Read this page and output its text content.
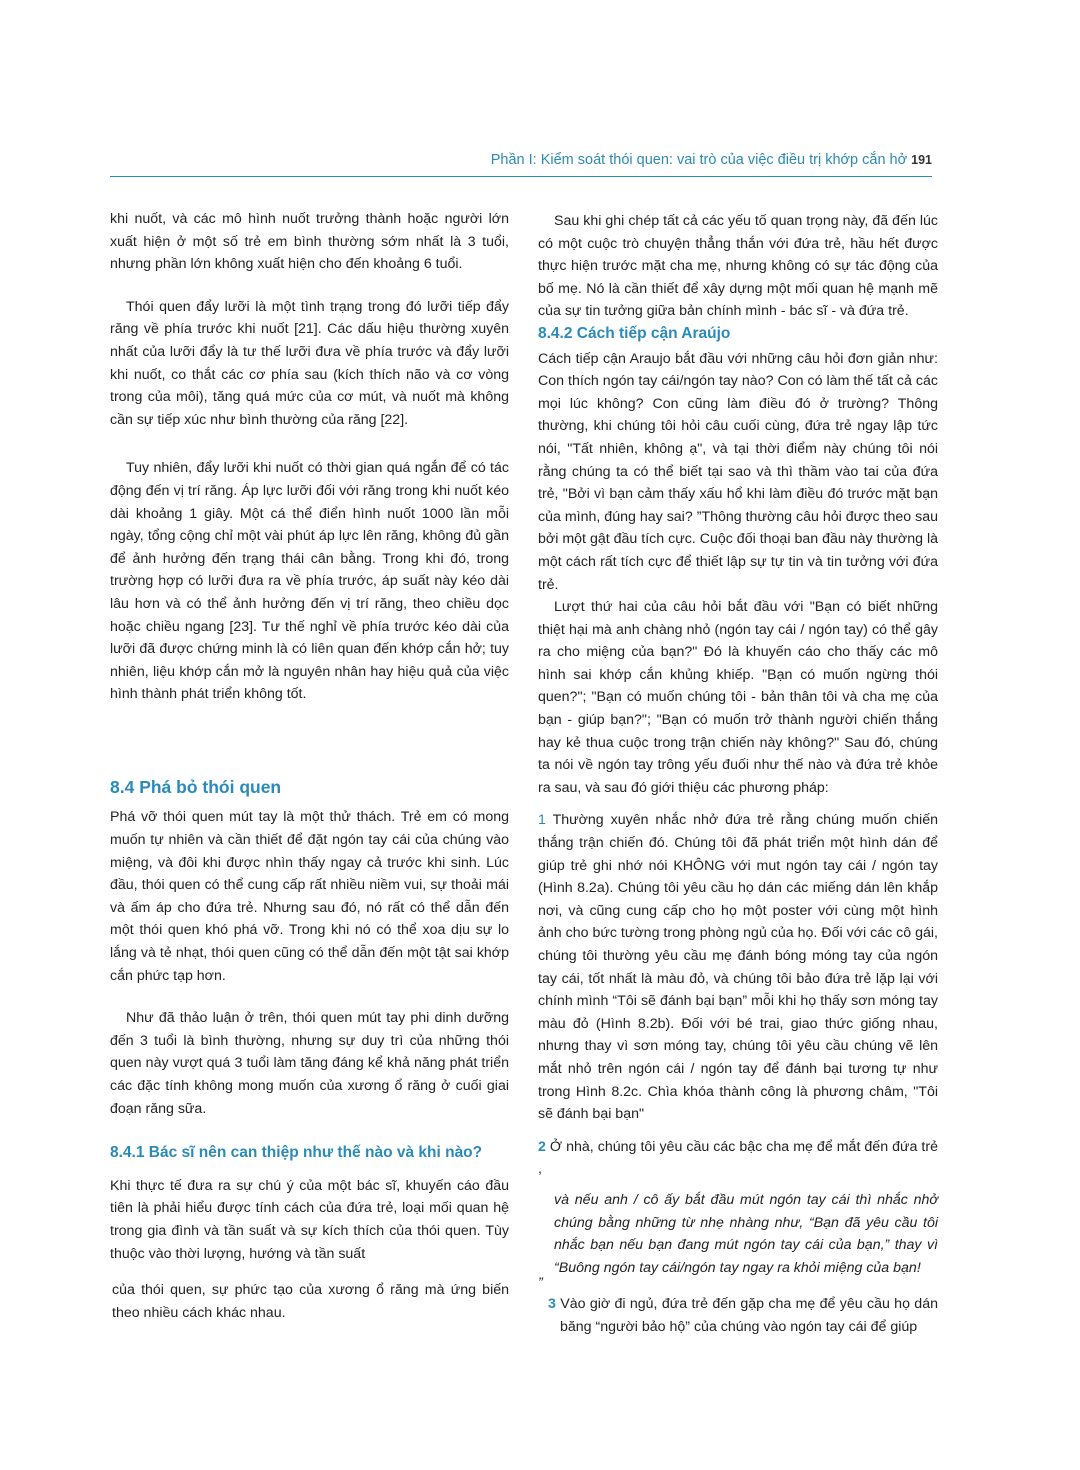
Phần I: Kiểm soát thói quen: vai trò của việc điều trị khớp cắn hở 191

khi nuốt, và các mô hình nuốt trưởng thành hoặc người lớn xuất hiện ở một số trẻ em bình thường sớm nhất là 3 tuổi, nhưng phần lớn không xuất hiện cho đến khoảng 6 tuổi.

Thói quen đẩy lưỡi là một tình trạng trong đó lưỡi tiếp đẩy răng về phía trước khi nuốt [21]. Các dấu hiệu thường xuyên nhất của lưỡi đẩy là tư thế lưỡi đưa về phía trước và đẩy lưỡi khi nuốt, co thắt các cơ phía sau (kích thích não và cơ vòng trong của môi), tăng quá mức của cơ mút, và nuốt mà không cần sự tiếp xúc như bình thường của răng [22].

Tuy nhiên, đẩy lưỡi khi nuốt có thời gian quá ngắn để có tác động đến vị trí răng. Áp lực lưỡi đối với răng trong khi nuốt kéo dài khoảng 1 giây. Một cá thể điển hình nuốt 1000 lần mỗi ngày, tổng cộng chỉ một vài phút áp lực lên răng, không đủ gần để ảnh hưởng đến trạng thái cân bằng. Trong khi đó, trong trường hợp có lưỡi đưa ra về phía trước, áp suất này kéo dài lâu hơn và có thể ảnh hưởng đến vị trí răng, theo chiều dọc hoặc chiều ngang [23]. Tư thế nghỉ về phía trước kéo dài của lưỡi đã được chứng minh là có liên quan đến khớp cắn hở; tuy nhiên, liệu khớp cắn mở là nguyên nhân hay hiệu quả của việc hình thành phát triển không tốt.

8.4 Phá bỏ thói quen

Phá vỡ thói quen mút tay là một thử thách. Trẻ em có mong muốn tự nhiên và cần thiết để đặt ngón tay cái của chúng vào miệng, và đôi khi được nhìn thấy ngay cả trước khi sinh. Lúc đầu, thói quen có thể cung cấp rất nhiều niềm vui, sự thoải mái và ấm áp cho đứa trẻ. Nhưng sau đó, nó rất có thể dẫn đến một thói quen khó phá vỡ. Trong khi nó có thể xoa dịu sự lo lắng và tẻ nhạt, thói quen cũng có thể dẫn đến một tật sai khớp cắn phức tạp hơn.

Như đã thảo luận ở trên, thói quen mút tay phi dinh dưỡng đến 3 tuổi là bình thường, nhưng sự duy trì của những thói quen này vượt quá 3 tuổi làm tăng đáng kể khả năng phát triển các đặc tính không mong muốn của xương ổ răng ở cuối giai đoạn răng sữa.

8.4.1 Bác sĩ nên can thiệp như thế nào và khi nào?

Khi thực tế đưa ra sự chú ý của một bác sĩ, khuyến cáo đầu tiên là phải hiểu được tính cách của đứa trẻ, loại mối quan hệ trong gia đình và tần suất và sự kích thích của thói quen. Tùy thuộc vào thời lượng, hướng và tần suất

của thói quen, sự phức tạo của xương ổ răng mà ứng biến theo nhiều cách khác nhau.

Sau khi ghi chép tất cả các yếu tố quan trọng này, đã đến lúc có một cuộc trò chuyện thẳng thắn với đứa trẻ, hầu hết được thực hiện trước mặt cha mẹ, nhưng không có sự tác động của bố mẹ. Nó là cần thiết để xây dựng một mối quan hệ mạnh mẽ của sự tin tưởng giữa bản chính mình - bác sĩ - và đứa trẻ.

8.4.2 Cách tiếp cận Araújo

Cách tiếp cận Araujo bắt đầu với những câu hỏi đơn giản như: Con thích ngón tay cái/ngón tay nào? Con có làm thế tất cả các mọi lúc không? Con cũng làm điều đó ở trường? Thông thường, khi chúng tôi hỏi câu cuối cùng, đứa trẻ ngay lập tức nói, "Tất nhiên, không ạ", và tại thời điểm này chúng tôi nói rằng chúng ta có thể biết tại sao và thì thầm vào tai của đứa trẻ, "Bởi vì bạn cảm thấy xấu hổ khi làm điều đó trước mặt bạn của mình, đúng hay sai? ”Thông thường câu hỏi được theo sau bởi một gật đầu tích cực. Cuộc đối thoại ban đầu này thường là một cách rất tích cực để thiết lập sự tự tin và tin tưởng với đứa trẻ.

Lượt thứ hai của câu hỏi bắt đầu với "Bạn có biết những thiệt hại mà anh chàng nhỏ (ngón tay cái / ngón tay) có thể gây ra cho miệng của bạn?" Đó là khuyến cáo cho thấy các mô hình sai khớp cắn khủng khiếp. "Bạn có muốn ngừng thói quen?"; "Bạn có muốn chúng tôi - bản thân tôi và cha mẹ của bạn - giúp bạn?"; "Bạn có muốn trở thành người chiến thắng hay kẻ thua cuộc trong trận chiến này không?" Sau đó, chúng ta nói về ngón tay trông yếu đuối như thế nào và đứa trẻ khỏe ra sau, và sau đó giới thiệu các phương pháp:

1 Thường xuyên nhắc nhở đứa trẻ rằng chúng muốn chiến thắng trận chiến đó. Chúng tôi đã phát triển một hình dán để giúp trẻ ghi nhớ nói KHÔNG với mut ngón tay cái / ngón tay (Hình 8.2a). Chúng tôi yêu cầu họ dán các miếng dán lên khắp nơi, và cũng cung cấp cho họ một poster với cùng một hình ảnh cho bức tường trong phòng ngủ của họ. Đối với các cô gái, chúng tôi thường yêu cầu mẹ đánh bóng móng tay của ngón tay cái, tốt nhất là màu đỏ, và chúng tôi bảo đứa trẻ lặp lại với chính mình “Tôi sẽ đánh bại bạn” mỗi khi họ thấy sơn móng tay màu đỏ (Hình 8.2b). Đối với bé trai, giao thức giống nhau, nhưng thay vì sơn móng tay, chúng tôi yêu cầu chúng vẽ lên mắt nhỏ trên ngón cái / ngón tay để đánh bại tương tự như trong Hình 8.2c. Chìa khóa thành công là phương châm, "Tôi sẽ đánh bại bạn"

2 Ở nhà, chúng tôi yêu cầu các bậc cha mẹ để mắt đến đứa trẻ ,

và nếu anh / cô ấy bắt đầu mút ngón tay cái thì nhắc nhở chúng bằng những từ nhẹ nhàng như, “Bạn đã yêu cầu tôi nhắc bạn nếu bạn đang mút ngón tay cái của bạn,” thay vì “Buông ngón tay cái/ngón tay ngay ra khỏi miệng của bạn!

”

3 Vào giờ đi ngủ, đứa trẻ đến gặp cha mẹ để yêu cầu họ dán băng “người bảo hộ” của chúng vào ngón tay cái để giúp
